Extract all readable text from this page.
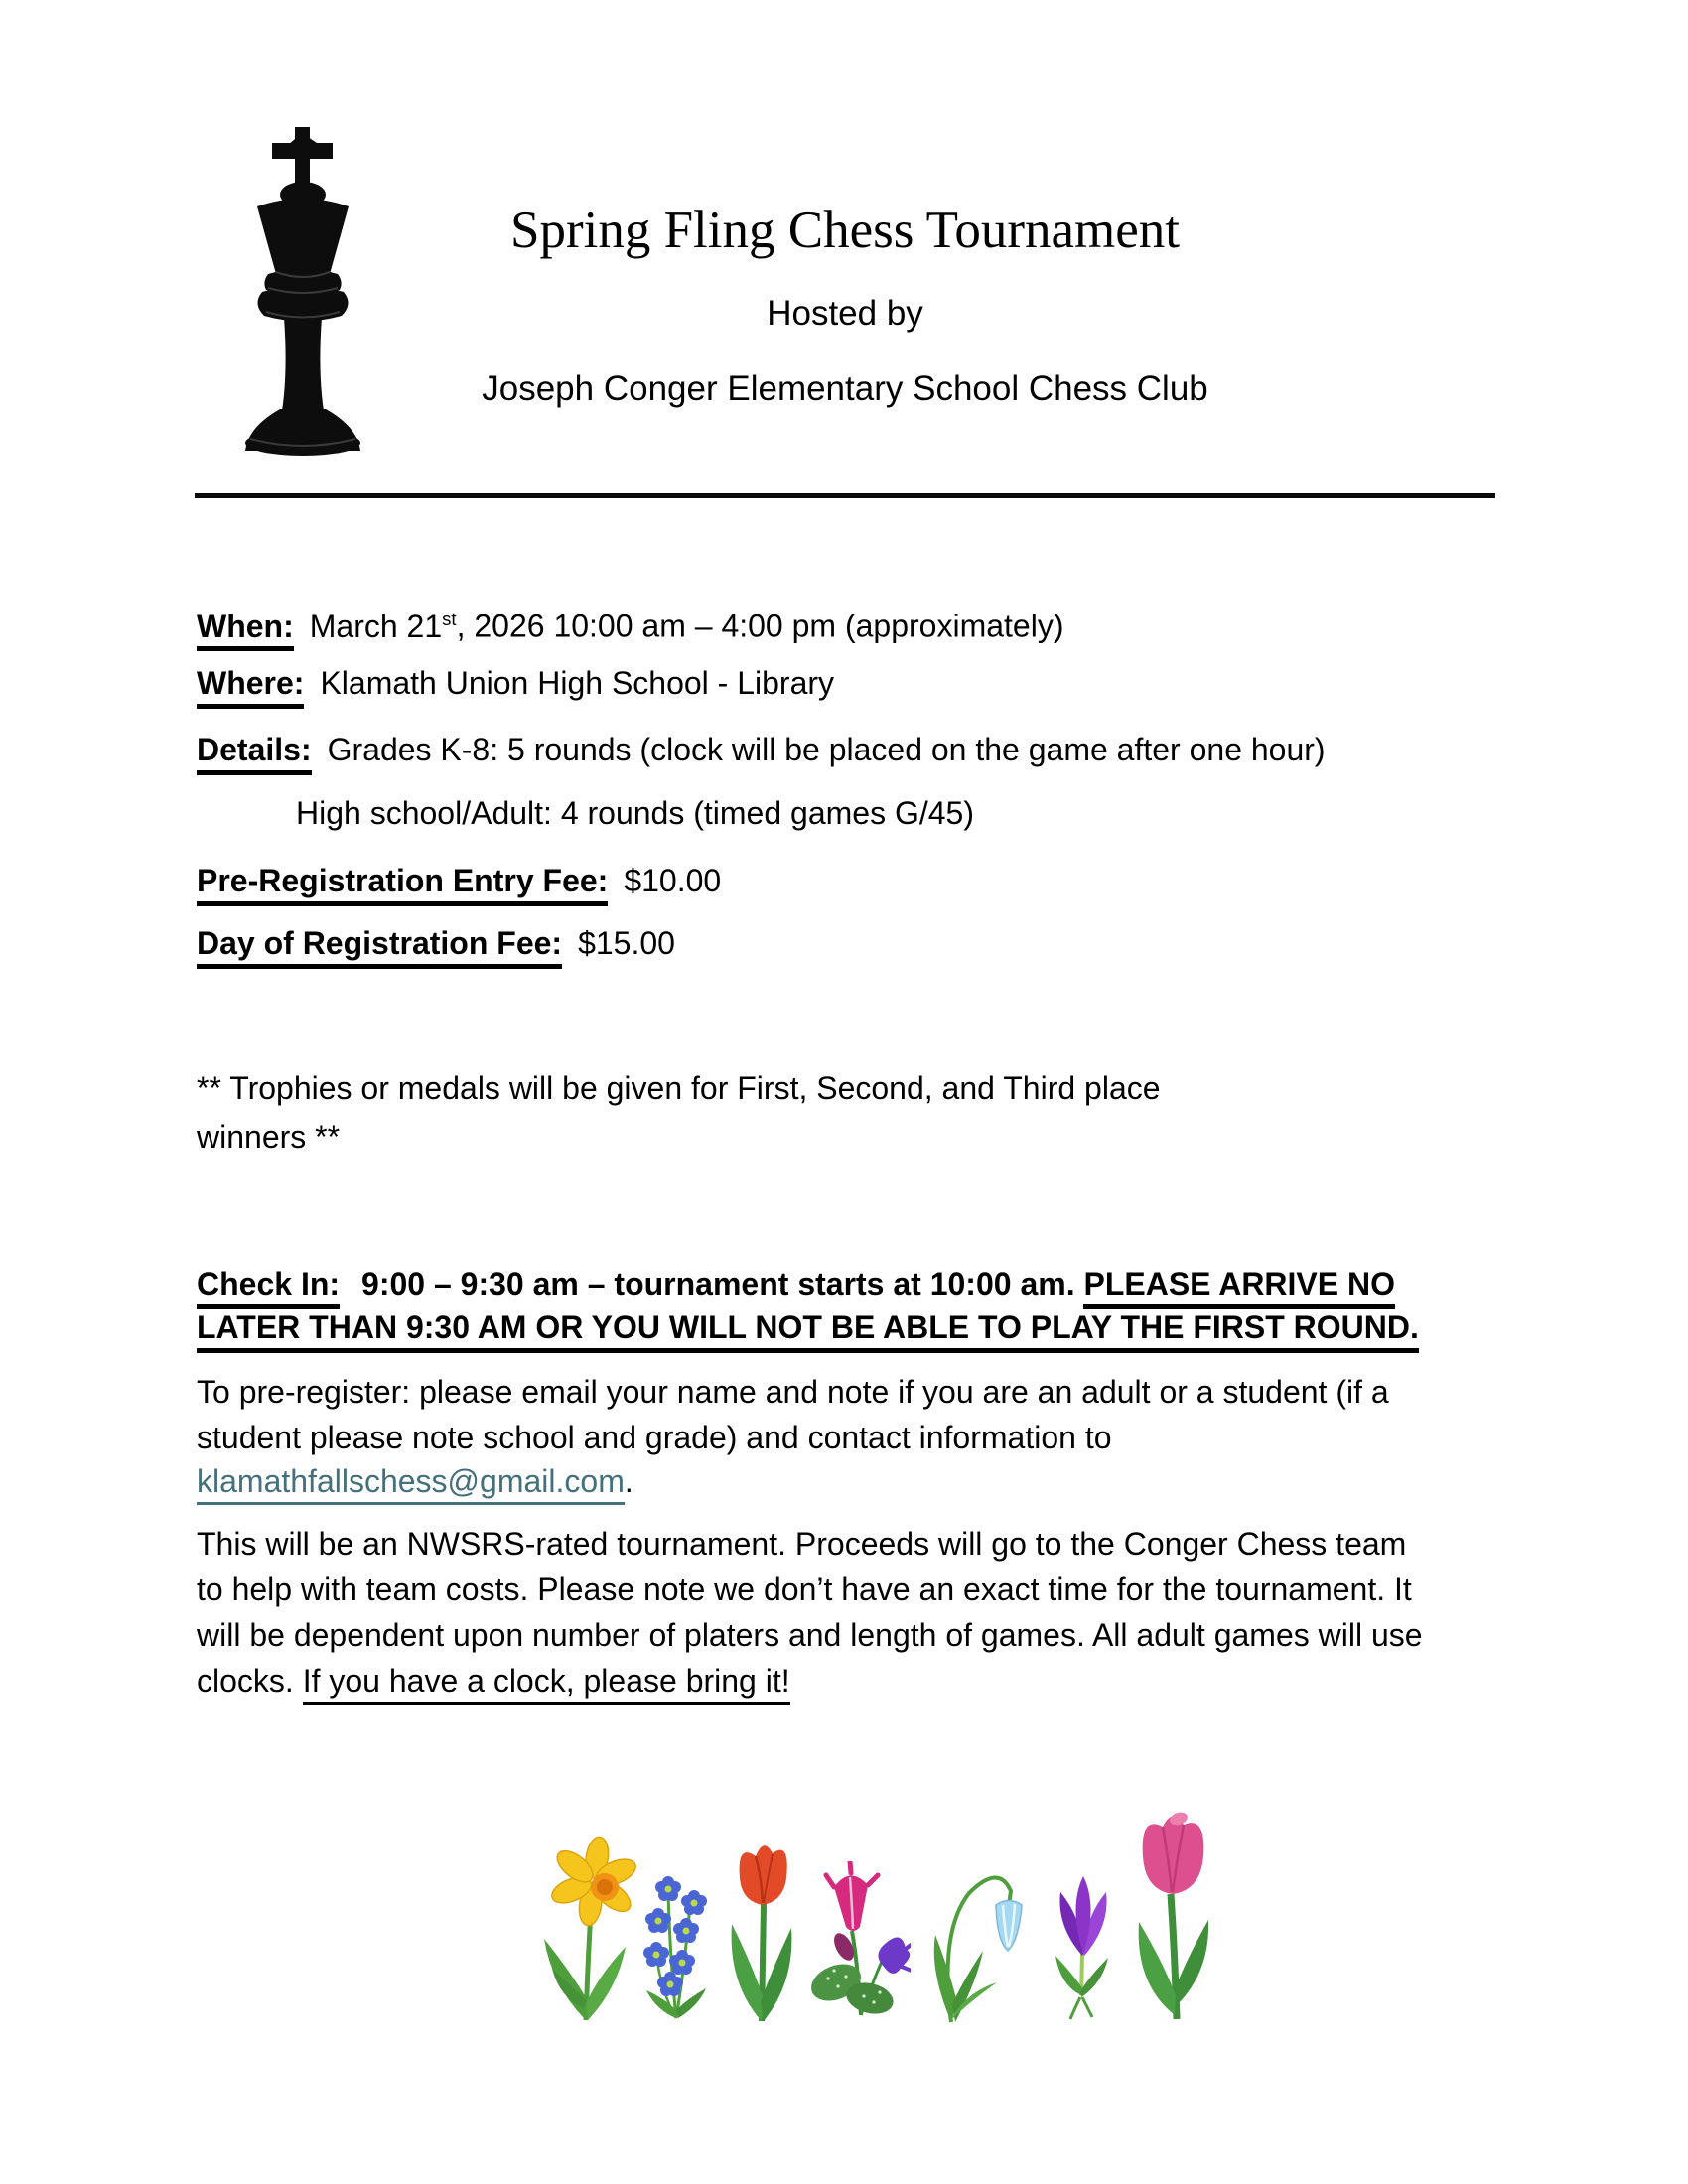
Spring Fling Chess Tournament
Hosted by
Joseph Conger Elementary School Chess Club
When: March 21st, 2026 10:00 am – 4:00 pm (approximately)
Where: Klamath Union High School - Library
Details: Grades K-8: 5 rounds (clock will be placed on the game after one hour)
High school/Adult: 4 rounds (timed games G/45)
Pre-Registration Entry Fee: $10.00
Day of Registration Fee: $15.00
** Trophies or medals will be given for First, Second, and Third place
winners **
Check In: 9:00 – 9:30 am – tournament starts at 10:00 am. PLEASE ARRIVE NO
LATER THAN 9:30 AM OR YOU WILL NOT BE ABLE TO PLAY THE FIRST ROUND.
To pre-register: please email your name and note if you are an adult or a student (if a
student please note school and grade) and contact information to
klamathfallschess@gmail.com.
This will be an NWSRS-rated tournament. Proceeds will go to the Conger Chess team
to help with team costs. Please note we don’t have an exact time for the tournament. It
will be dependent upon number of platers and length of games. All adult games will use
clocks. If you have a clock, please bring it!
